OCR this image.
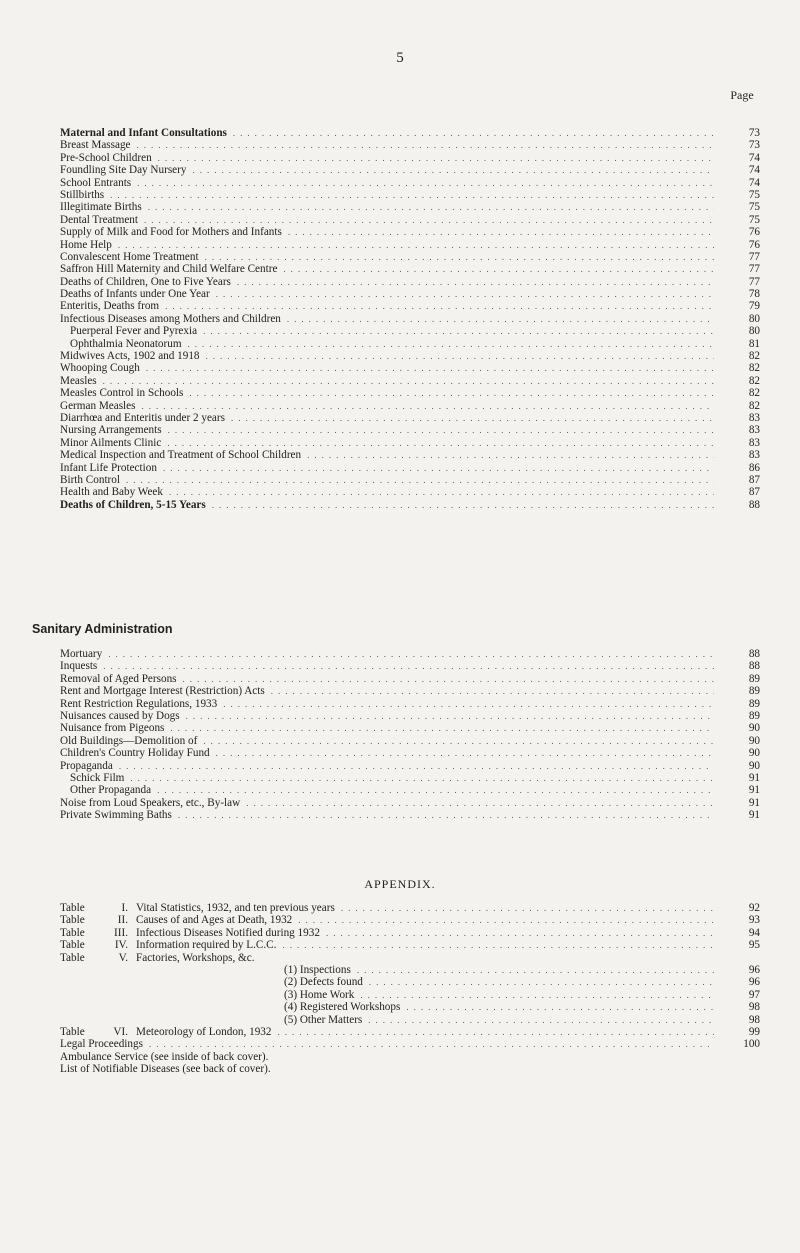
5
Page
Maternal and Infant Consultations .....	73
Breast Massage .....	73
Pre-School Children .....	74
Foundling Site Day Nursery .....	74
School Entrants .....	74
Stillbirths .....	75
Illegitimate Births .....	75
Dental Treatment .....	75
Supply of Milk and Food for Mothers and Infants .....	76
Home Help .....	76
Convalescent Home Treatment .....	77
Saffron Hill Maternity and Child Welfare Centre .....	77
Deaths of Children, One to Five Years .....	77
Deaths of Infants under One Year .....	78
Enteritis, Deaths from .....	79
Infectious Diseases among Mothers and Children .....	80
Puerperal Fever and Pyrexia .....	80
Ophthalmia Neonatorum .....	81
Midwives Acts, 1902 and 1918 .....	82
Whooping Cough .....	82
Measles .....	82
Measles Control in Schools .....	82
German Measles .....	82
Diarrhœa and Enteritis under 2 years .....	83
Nursing Arrangements .....	83
Minor Ailments Clinic .....	83
Medical Inspection and Treatment of School Children .....	83
Infant Life Protection .....	86
Birth Control .....	87
Health and Baby Week .....	87
Deaths of Children, 5-15 Years .....	88
Sanitary Administration
Mortuary .....	88
Inquests .....	88
Removal of Aged Persons .....	89
Rent and Mortgage Interest (Restriction) Acts .....	89
Rent Restriction Regulations, 1933 .....	89
Nuisances caused by Dogs .....	89
Nuisance from Pigeons .....	90
Old Buildings—Demolition of .....	90
Children's Country Holiday Fund .....	90
Propaganda .....	90
Schick Film .....	91
Other Propaganda .....	91
Noise from Loud Speakers, etc., By-law .....	91
Private Swimming Baths .....	91
APPENDIX.
Table	I. Vital Statistics, 1932, and ten previous years .....	92
Table	II. Causes of and Ages at Death, 1932 .....	93
Table	III. Infectious Diseases Notified during 1932 .....	94
Table	IV. Information required by L.C.C. .....	95
Table	V. Factories, Workshops, &c.
(1) Inspections .....	96
(2) Defects found .....	96
(3) Home Work .....	97
(4) Registered Workshops .....	98
(5) Other Matters .....	98
Table	VI. Meteorology of London, 1932 .....	99
Legal Proceedings .....	100
Ambulance Service (see inside of back cover).
List of Notifiable Diseases (see back of cover).
